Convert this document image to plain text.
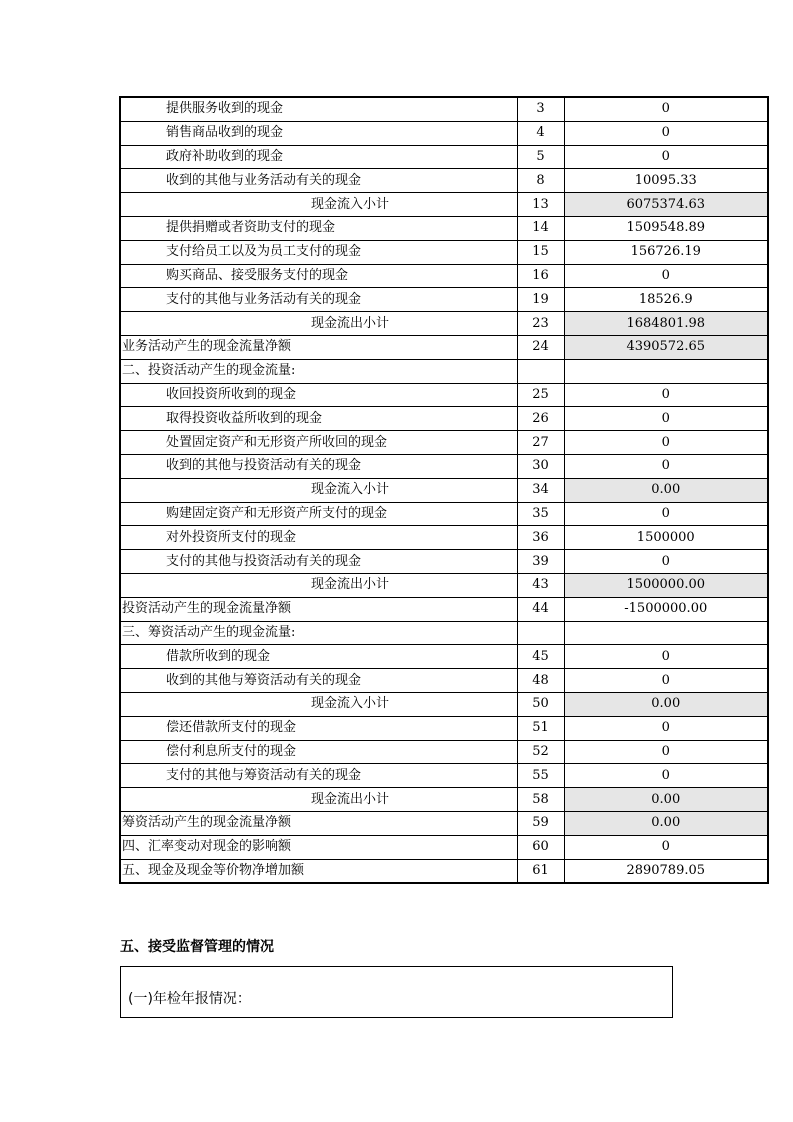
提供服务收到的现金	3	0
销售商品收到的现金	4	0
政府补助收到的现金	5	0
收到的其他与业务活动有关的现金	8	10095.33
现金流入小计	13	6075374.63
提供捐赠或者资助支付的现金	14	1509548.89
支付给员工以及为员工支付的现金	15	156726.19
购买商品、接受服务支付的现金	16	0
支付的其他与业务活动有关的现金	19	18526.9
现金流出小计	23	1684801.98
业务活动产生的现金流量净额	24	4390572.65
二、投资活动产生的现金流量:		
收回投资所收到的现金	25	0
取得投资收益所收到的现金	26	0
处置固定资产和无形资产所收回的现金	27	0
收到的其他与投资活动有关的现金	30	0
现金流入小计	34	0.00
购建固定资产和无形资产所支付的现金	35	0
对外投资所支付的现金	36	1500000
支付的其他与投资活动有关的现金	39	0
现金流出小计	43	1500000.00
投资活动产生的现金流量净额	44	-1500000.00
三、筹资活动产生的现金流量:		
借款所收到的现金	45	0
收到的其他与筹资活动有关的现金	48	0
现金流入小计	50	0.00
偿还借款所支付的现金	51	0
偿付利息所支付的现金	52	0
支付的其他与筹资活动有关的现金	55	0
现金流出小计	58	0.00
筹资活动产生的现金流量净额	59	0.00
四、汇率变动对现金的影响额	60	0
五、现金及现金等价物净增加额	61	2890789.05
五、接受监督管理的情况
(一)年检年报情况：
